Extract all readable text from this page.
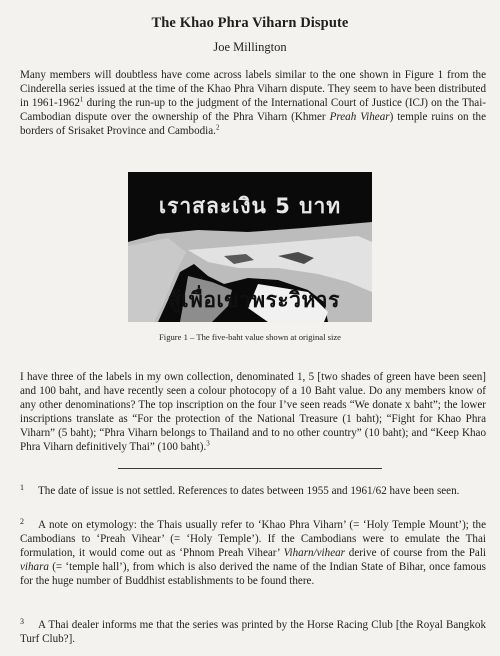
The Khao Phra Viharn Dispute
Joe Millington
Many members will doubtless have come across labels similar to the one shown in Figure 1 from the Cinderella series issued at the time of the Khao Phra Viharn dispute. They seem to have been distributed in 1961-1962$^1$ during the run-up to the judgment of the International Court of Justice (ICJ) on the Thai-Cambodian dispute over the ownership of the Phra Viharn (Khmer Preah Vihear) temple ruins on the borders of Srisaket Province and Cambodia.$^2$
เราสละเงิน 5 บาท
สู้เพื่อเขาพระวิหาร
Figure 1 – The five-baht value shown at original size
I have three of the labels in my own collection, denominated 1, 5 [two shades of green have been seen] and 100 baht, and have recently seen a colour photocopy of a 10 Baht value. Do any members know of any other denominations? The top inscription on the four I’ve seen reads “We donate x baht”; the lower inscriptions translate as “For the protection of the National Treasure (1 baht); “Fight for Khao Phra Viharn” (5 baht); “Phra Viharn belongs to Thailand and to no other country” (10 baht); and “Keep Khao Phra Viharn definitively Thai” (100 baht).$^3$
1 The date of issue is not settled. References to dates between 1955 and 1961/62 have been seen.
2 A note on etymology: the Thais usually refer to ‘Khao Phra Viharn’ (= ‘Holy Temple Mount’); the Cambodians to ‘Preah Vihear’ (= ‘Holy Temple’). If the Cambodians were to emulate the Thai formulation, it would come out as ‘Phnom Preah Vihear’ Viharn/vihear derive of course from the Pali vihara (= ‘temple hall’), from which is also derived the name of the Indian State of Bihar, once famous for the huge number of Buddhist establishments to be found there.
3 A Thai dealer informs me that the series was printed by the Horse Racing Club [the Royal Bangkok Turf Club?].
